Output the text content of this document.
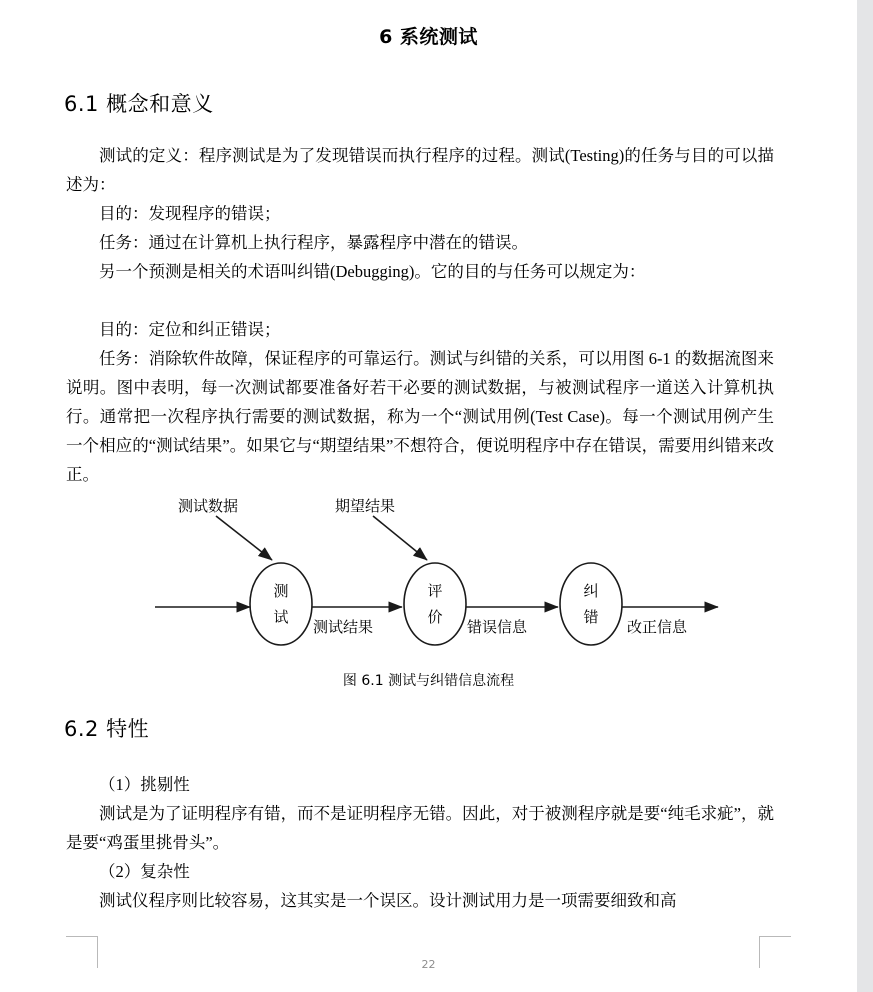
6 系统测试
6.1 概念和意义

测试的定义：程序测试是为了发现错误而执行程序的过程。测试(Testing)的任务与目的可以描述为：

目的：发现程序的错误；

任务：通过在计算机上执行程序，暴露程序中潜在的错误。

另一个预测是相关的术语叫纠错(Debugging)。它的目的与任务可以规定为：

目的：定位和纠正错误；

任务：消除软件故障，保证程序的可靠运行。测试与纠错的关系，可以用图 6-1 的数据流图来说明。图中表明，每一次测试都要准备好若干必要的测试数据，与被测试程序一道送入计算机执行。通常把一次程序执行需要的测试数据，称为一个“测试用例(Test Case)。每一个测试用例产生一个相应的“测试结果”。如果它与“期望结果”不想符合，便说明程序中存在错误，需要用纠错来改正。

测
试
评
价
纠
错
测试数据	期望结果
测试结果	错误信息	改正信息
图 6.1 测试与纠错信息流程
6.2 特性

（1）挑剔性

测试是为了证明程序有错，而不是证明程序无错。因此，对于被测程序就是要“纯毛求疵”，就是要“鸡蛋里挑骨头”。

（2）复杂性

测试仪程序则比较容易，这其实是一个误区。设计测试用力是一项需要细致和高

22
